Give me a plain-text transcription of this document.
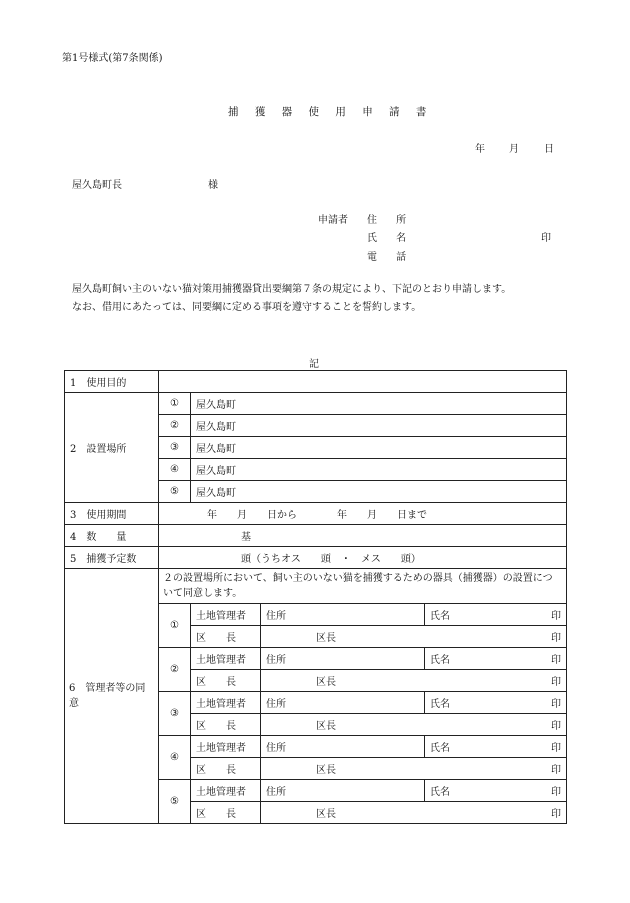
第1号様式(第7条関係)
捕 獲 器 使 用 申 請 書
年 月	日
屋久島町長	様
申請者 住 所
氏 名
電 話
印

屋久島町飼い主のいない猫対策用捕獲器貸出要綱第７条の規定により、下記のとおり申請します。

なお、借用にあたっては、同要綱に定める事項を遵守することを誓約します。

記
1　 使用目的				
2　 設置場所	①	屋久島町		
	②	屋久島町		
	③	屋久島町		
	④	屋久島町		
	⑤	屋久島町		
3　 使用期間	年　　月　　日から　　　　年　　月　　日まで			
4　 数　　量	基			
5　 捕獲予定数	頭（うちオス　　頭　・　メス　　頭）			
6　 管理者等の同意	２の設置場所において、飼い主のいない猫を捕獲するための器具（捕獲器）の設置について同意します。			
	①	土地管理者	住所	氏名 印

		区　　長	区長 印	

	②	土地管理者	住所	氏名 印

		区　　長	区長 印	

	③	土地管理者	住所	氏名 印

		区　　長	区長 印	

	④	土地管理者	住所	氏名 印

		区　　長	区長 印	

	⑤	土地管理者	住所	氏名 印

		区　　長	区長 印	
